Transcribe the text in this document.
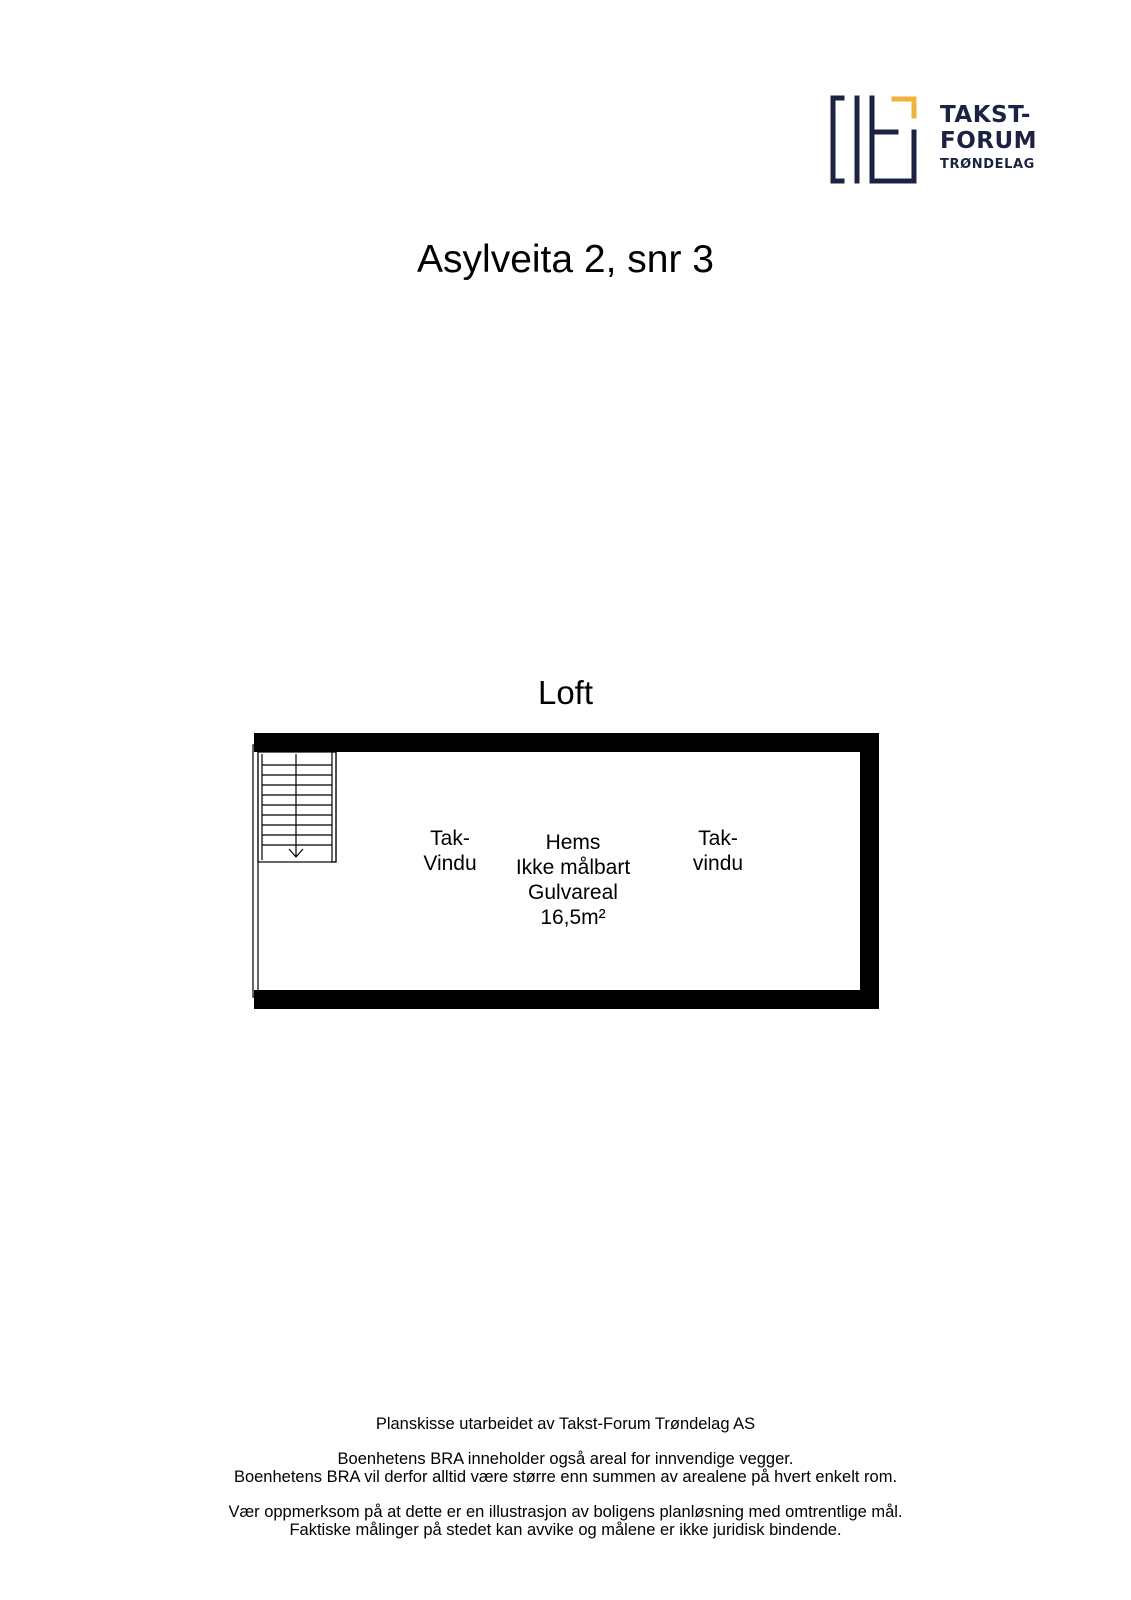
TAKST-
FORUM
TRØNDELAG
Asylveita 2, snr 3
Loft
Tak-
Vindu
Hems
Ikke målbart
Gulvareal
16,5m²
Tak-
vindu

Planskisse utarbeidet av Takst-Forum Trøndelag AS

Boenhetens BRA inneholder også areal for innvendige vegger.

Boenhetens BRA vil derfor alltid være større enn summen av arealene på hvert enkelt rom.

Vær oppmerksom på at dette er en illustrasjon av boligens planløsning med omtrentlige mål.

Faktiske målinger på stedet kan avvike og målene er ikke juridisk bindende.
